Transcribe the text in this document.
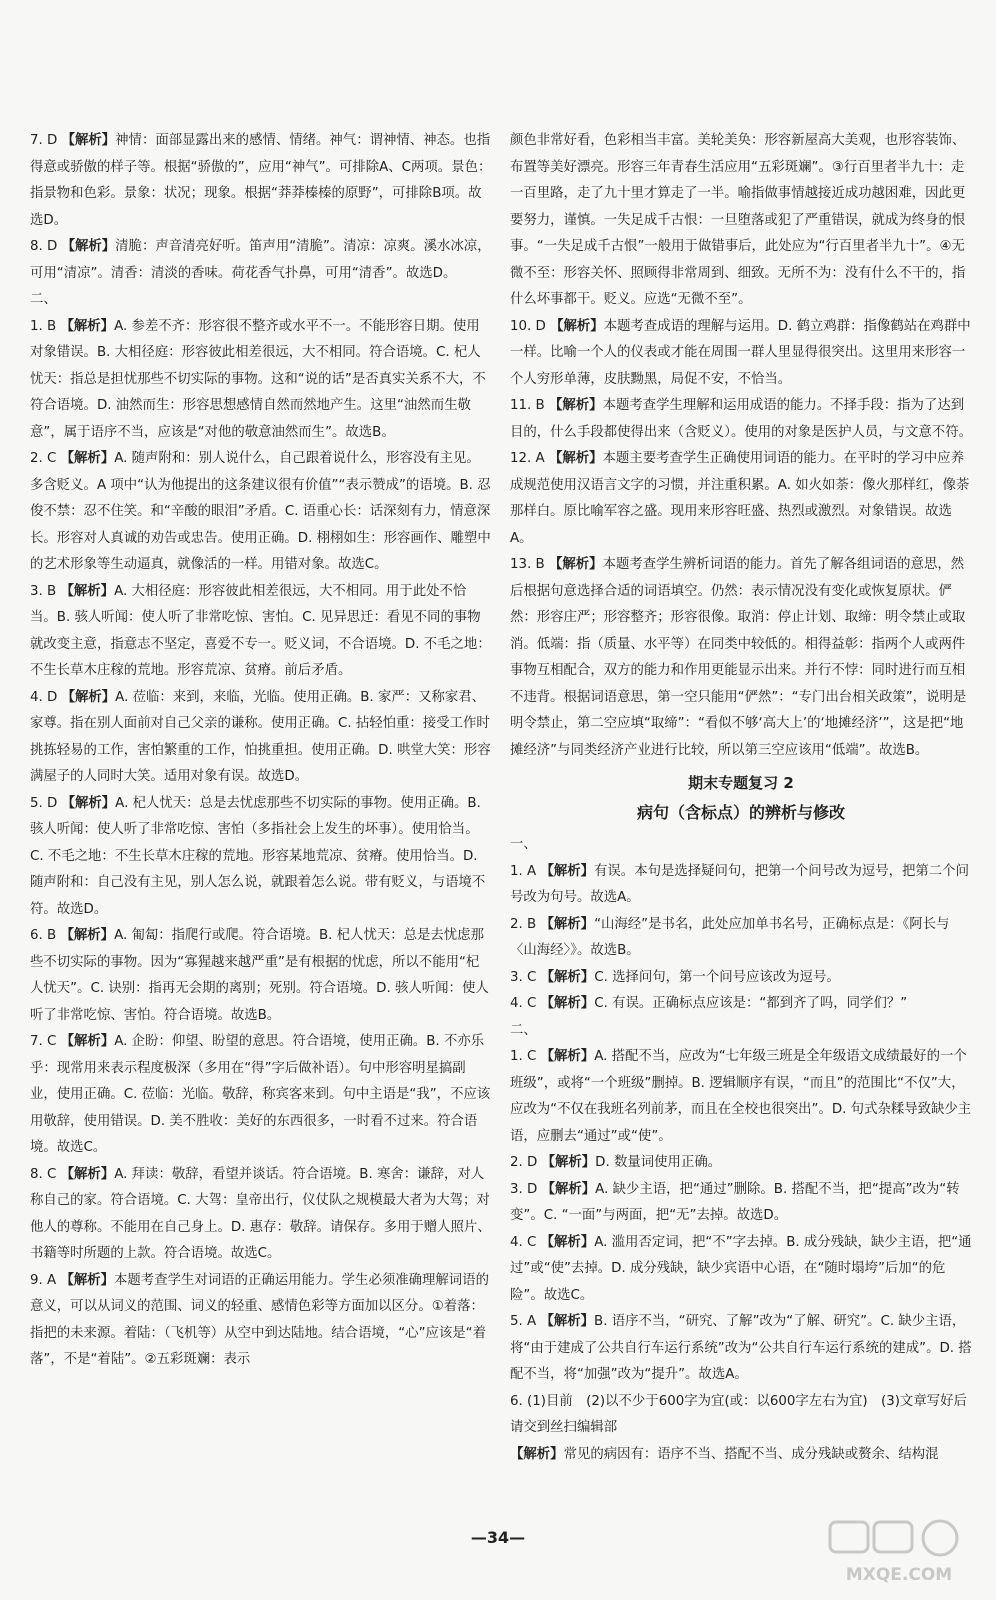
7. D 【解析】神情：面部显露出来的感情、情绪。神气：谓神情、神态。也指得意或骄傲的样子等。根据“骄傲的”，应用“神气”。可排除A、C两项。景色：指景物和色彩。景象：状况；现象。根据“莽莽榛榛的原野”，可排除B项。故选D。

8. D 【解析】清脆：声音清亮好听。笛声用“清脆”。清凉：凉爽。溪水冰凉，可用“清凉”。清香：清淡的香味。荷花香气扑鼻，可用“清香”。故选D。

二、

1. B 【解析】A. 参差不齐：形容很不整齐或水平不一。不能形容日期。使用对象错误。B. 大相径庭：形容彼此相差很远，大不相同。符合语境。C. 杞人忧天：指总是担忧那些不切实际的事物。这和“说的话”是否真实关系不大，不符合语境。D. 油然而生：形容思想感情自然而然地产生。这里“油然而生敬意”，属于语序不当，应该是“对他的敬意油然而生”。故选B。

2. C 【解析】A. 随声附和：别人说什么，自己跟着说什么，形容没有主见。多含贬义。A 项中“认为他提出的这条建议很有价值”“表示赞成”的语境。B. 忍俊不禁：忍不住笑。和“辛酸的眼泪”矛盾。C. 语重心长：话深刻有力，情意深长。形容对人真诚的劝告或忠告。使用正确。D. 栩栩如生：形容画作、雕塑中的艺术形象等生动逼真，就像活的一样。用错对象。故选C。

3. B 【解析】A. 大相径庭：形容彼此相差很远，大不相同。用于此处不恰当。B. 骇人听闻：使人听了非常吃惊、害怕。C. 见异思迁：看见不同的事物就改变主意，指意志不坚定，喜爱不专一。贬义词，不合语境。D. 不毛之地：不生长草木庄稼的荒地。形容荒凉、贫瘠。前后矛盾。

4. D 【解析】A. 莅临：来到，来临，光临。使用正确。B. 家严：又称家君、家尊。指在别人面前对自己父亲的谦称。使用正确。C. 拈轻怕重：接受工作时挑拣轻易的工作，害怕繁重的工作，怕挑重担。使用正确。D. 哄堂大笑：形容满屋子的人同时大笑。适用对象有误。故选D。

5. D 【解析】A. 杞人忧天：总是去忧虑那些不切实际的事物。使用正确。B. 骇人听闻：使人听了非常吃惊、害怕（多指社会上发生的坏事）。使用恰当。C. 不毛之地：不生长草木庄稼的荒地。形容某地荒凉、贫瘠。使用恰当。D. 随声附和：自己没有主见，别人怎么说，就跟着怎么说。带有贬义，与语境不符。故选D。

6. B 【解析】A. 匍匐：指爬行或爬。符合语境。B. 杞人忧天：总是去忧虑那些不切实际的事物。因为“寡猩越来越严重”是有根据的忧虑，所以不能用“杞人忧天”。C. 诀别：指再无会期的离别；死别。符合语境。D. 骇人听闻：使人听了非常吃惊、害怕。符合语境。故选B。

7. C 【解析】A. 企盼：仰望、盼望的意思。符合语境，使用正确。B. 不亦乐乎：现常用来表示程度极深（多用在“得”字后做补语）。句中形容明星搞副业，使用正确。C. 莅临：光临。敬辞，称宾客来到。句中主语是“我”，不应该用敬辞，使用错误。D. 美不胜收：美好的东西很多，一时看不过来。符合语境。故选C。

8. C 【解析】A. 拜读：敬辞，看望并谈话。符合语境。B. 寒舍：谦辞，对人称自己的家。符合语境。C. 大驾：皇帝出行，仪仗队之规模最大者为大驾；对他人的尊称。不能用在自己身上。D. 惠存：敬辞。请保存。多用于赠人照片、书籍等时所题的上款。符合语境。故选C。

9. A 【解析】本题考查学生对词语的正确运用能力。学生必须准确理解词语的意义，可以从词义的范围、词义的轻重、感情色彩等方面加以区分。①着落：指把的未来源。着陆：（飞机等）从空中到达陆地。结合语境，“心”应该是“着落”，不是“着陆”。②五彩斑斓：表示

颜色非常好看，色彩相当丰富。美轮美奂：形容新屋高大美观，也形容装饰、布置等美好漂亮。形容三年青春生活应用“五彩斑斓”。③行百里者半九十：走一百里路，走了九十里才算走了一半。喻指做事情越接近成功越困难，因此更要努力，谨慎。一失足成千古恨：一旦堕落或犯了严重错误，就成为终身的恨事。“一失足成千古恨”一般用于做错事后，此处应为“行百里者半九十”。④无微不至：形容关怀、照顾得非常周到、细致。无所不为：没有什么不干的，指什么坏事都干。贬义。应选“无微不至”。

10. D 【解析】本题考查成语的理解与运用。D. 鹤立鸡群：指像鹤站在鸡群中一样。比喻一个人的仪表或才能在周围一群人里显得很突出。这里用来形容一个人穷形单薄，皮肤黝黑，局促不安，不恰当。

11. B 【解析】本题考查学生理解和运用成语的能力。不择手段：指为了达到目的，什么手段都使得出来（含贬义）。使用的对象是医护人员，与文意不符。

12. A 【解析】本题主要考查学生正确使用词语的能力。在平时的学习中应养成规范使用汉语言文字的习惯，并注重积累。A. 如火如荼：像火那样红，像荼那样白。原比喻军容之盛。现用来形容旺盛、热烈或激烈。对象错误。故选A。

13. B 【解析】本题考查学生辨析词语的能力。首先了解各组词语的意思，然后根据句意选择合适的词语填空。仍然：表示情况没有变化或恢复原状。俨然：形容庄严；形容整齐；形容很像。取消：停止计划、取缔：明令禁止或取消。低端：指（质量、水平等）在同类中较低的。相得益彰：指两个人或两件事物互相配合，双方的能力和作用更能显示出来。并行不悖：同时进行而互相不违背。根据词语意思，第一空只能用“俨然”：“专门出台相关政策”，说明是明令禁止，第二空应填“取缔”：“看似不够‘高大上’的‘地摊经济’”，这是把“地摊经济”与同类经济产业进行比较，所以第三空应该用“低端”。故选B。

期末专题复习 2
病句（含标点）的辨析与修改
一、

1. A 【解析】有误。本句是选择疑问句，把第一个问号改为逗号，把第二个问号改为句号。故选A。

2. B 【解析】“山海经”是书名，此处应加单书名号，正确标点是：《阿长与〈山海经〉》。故选B。

3. C 【解析】C. 选择问句，第一个问号应该改为逗号。

4. C 【解析】C. 有误。正确标点应该是：“都到齐了吗，同学们？”

二、

1. C 【解析】A. 搭配不当，应改为“七年级三班是全年级语文成绩最好的一个班级”，或将“一个班级”删掉。B. 逻辑顺序有误，“而且”的范围比“不仅”大，应改为“不仅在我班名列前茅，而且在全校也很突出”。D. 句式杂糅导致缺少主语，应删去“通过”或“使”。

2. D 【解析】D. 数量词使用正确。

3. D 【解析】A. 缺少主语，把“通过”删除。B. 搭配不当，把“提高”改为“转变”。C. “一面”与两面，把“无”去掉。故选D。

4. C 【解析】A. 滥用否定词，把“不”字去掉。B. 成分残缺，缺少主语，把“通过”或“使”去掉。D. 成分残缺，缺少宾语中心语，在“随时塌垮”后加“的危险”。故选C。

5. A 【解析】B. 语序不当，“研究、了解”改为“了解、研究”。C. 缺少主语，将“由于建成了公共自行车运行系统”改为“公共自行车运行系统的建成”。D. 搭配不当，将“加强”改为“提升”。故选A。

6. (1)目前　(2)以不少于600字为宜(或：以600字左右为宜)　(3)文章写好后请交到丝扫编辑部

【解析】常见的病因有：语序不当、搭配不当、成分残缺或赘余、结构混

—34—
MXQE.COM
